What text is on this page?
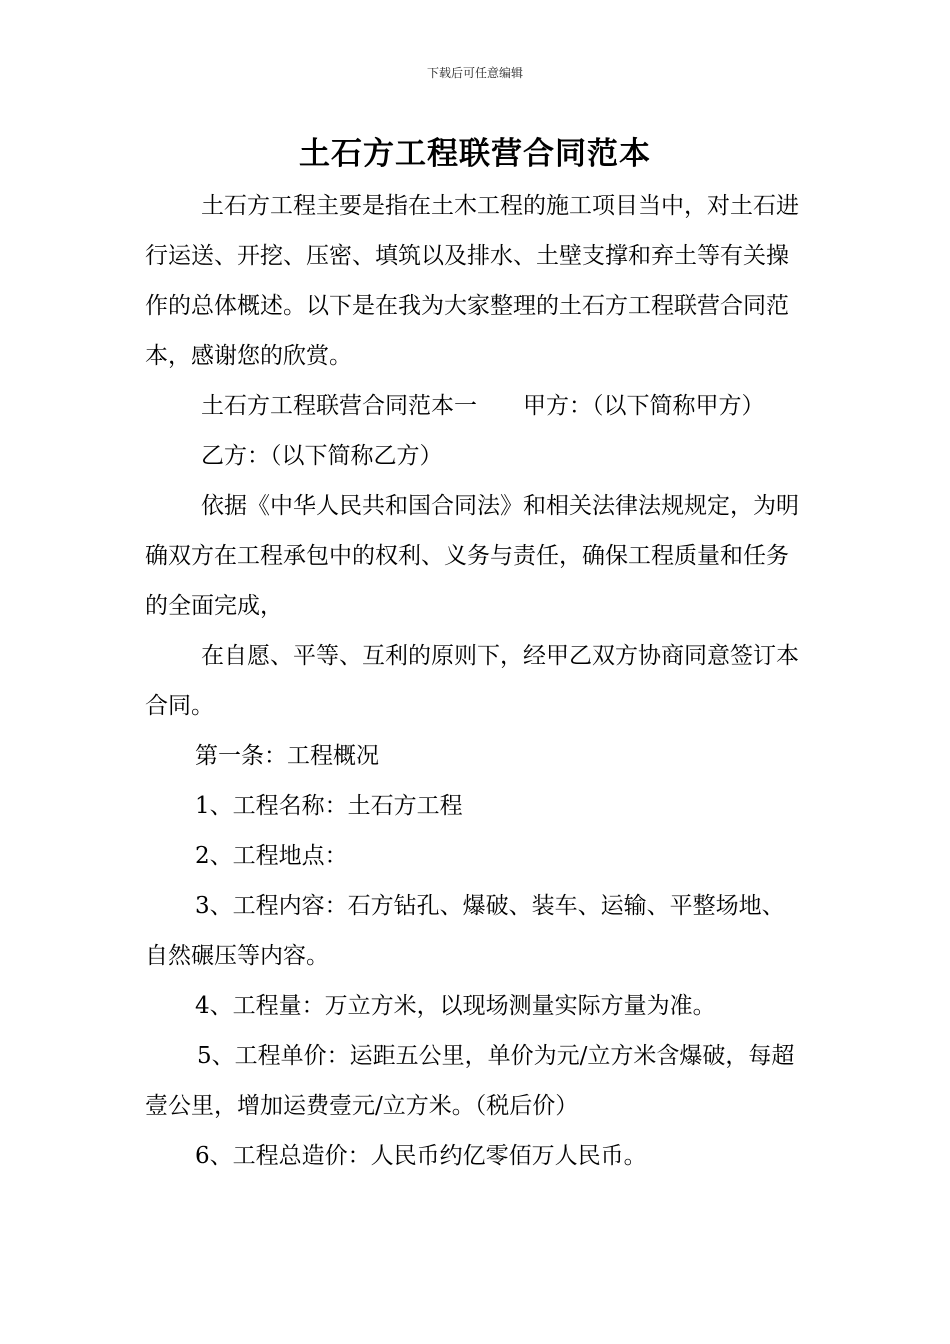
下载后可任意编辑
土石方工程联营合同范本

土石方工程主要是指在土木工程的施工项目当中，对土石进行运送、开挖、压密、填筑以及排水、土壁支撑和弃土等有关操作的总体概述。以下是在我为大家整理的土石方工程联营合同范本，感谢您的欣赏。

土石方工程联营合同范本一　　甲方：（以下简称甲方）

乙方：（以下简称乙方）

依据《中华人民共和国合同法》和相关法律法规规定，为明确双方在工程承包中的权利、义务与责任，确保工程质量和任务的全面完成，

在自愿、平等、互利的原则下，经甲乙双方协商同意签订本合同。

第一条：工程概况

1、工程名称：土石方工程

2、工程地点：

3、工程内容：石方钻孔、爆破、装车、运输、平整场地、自然碾压等内容。

4、工程量：万立方米，以现场测量实际方量为准。

5、工程单价：运距五公里，单价为元/立方米含爆破，每超壹公里，增加运费壹元/立方米。（税后价）

6、工程总造价：人民币约亿零佰万人民币。
